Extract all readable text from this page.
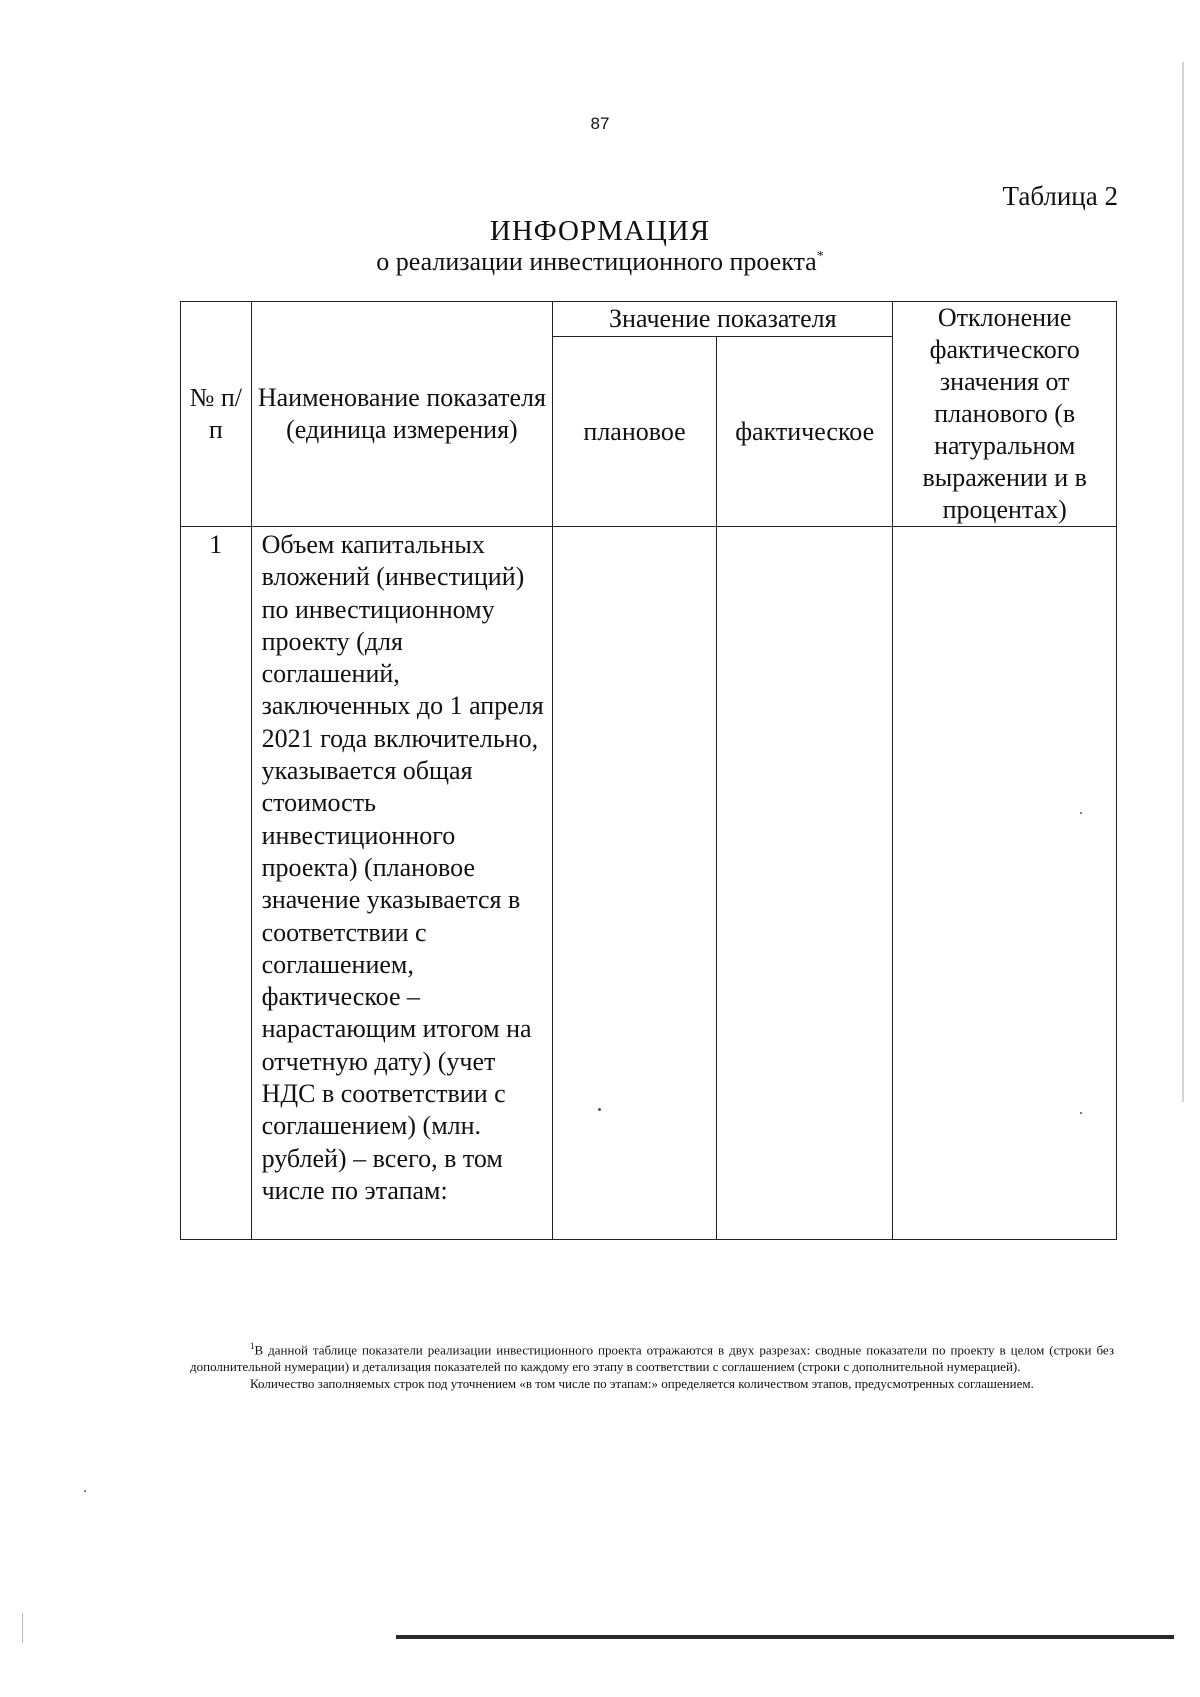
87
Таблица 2
ИНФОРМАЦИЯ
о реализации инвестиционного проекта*
№ п/п	Наименование показателя (единица измерения)	Значение показателя		Отклонение фактического значения от планового (в натуральном выражении и в процентах)
		плановое	фактическое	
1	Объем капитальных вложений (инвестиций) по инвестиционному проекту (для соглашений, заключенных до 1 апреля 2021 года включительно, указывается общая стоимость инвестиционного проекта) (плановое значение указывается в соответствии с соглашением, фактическое – нарастающим итогом на отчетную дату) (учет НДС в соответствии с соглашением) (млн. рублей) – всего, в том числе по этапам:			

$^1$В данной таблице показатели реализации инвестиционного проекта отражаются в двух разрезах: сводные показатели по проекту в целом (строки без дополнительной нумерации) и детализация показателей по каждому его этапу в соответствии с соглашением (строки с дополнительной нумерацией).

Количество заполняемых строк под уточнением «в том числе по этапам:» определяется количеством этапов, предусмотренных соглашением.
